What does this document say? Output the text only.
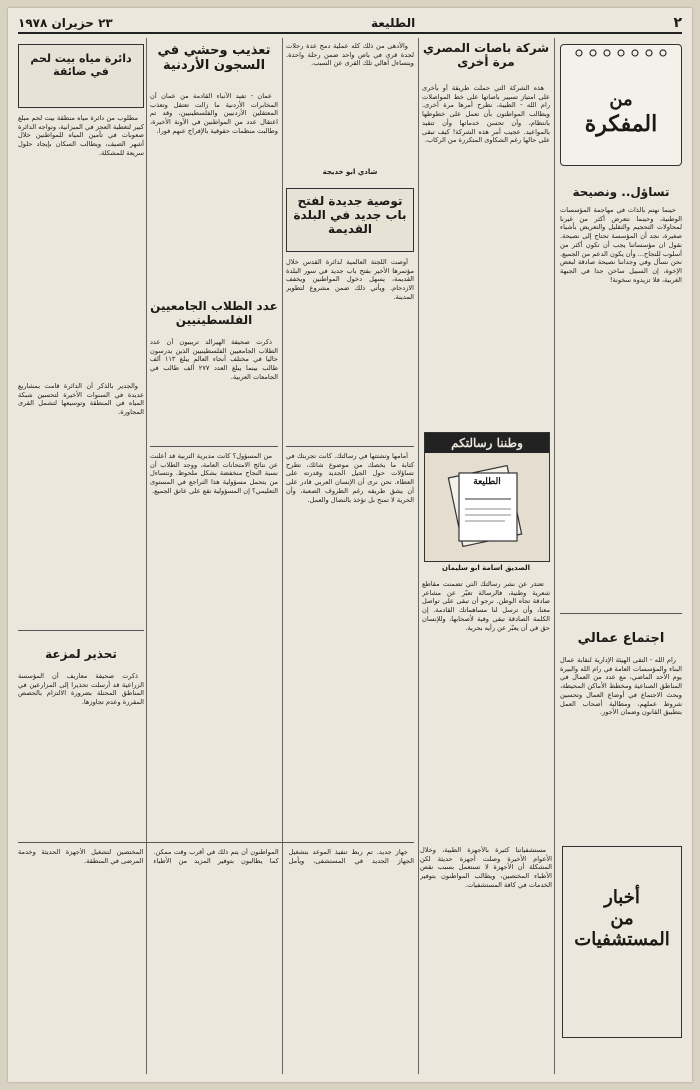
٢
الطليعة
٢٣ حزيران ١٩٧٨
من
المفكرة
تساؤل.. ونصيحة

حينما نهتم بالذات في مهاجمة المؤسسات الوطنية، وحينما نتعرض أكثر من غيرنا لمحاولات التحجيم والتقليل والتعريض بأشياء صغيرة، نجد أن المؤسسة تحتاج إلى نصيحة. نقول ان مؤسساتنا يجب أن تكون أكثر من أسلوب للنجاح... وأن يكون الدعم من الجميع. نحن نسأل وفي وجداننا نصيحة صادقة لبعض الإخوة، إن السبيل ساخن جدا في الجبهة الغربية، فلا تزيدوه سخونة!

اجتماع عمالي

رام الله - التقى الهيئة الإدارية لنقابة عمال البناء والمؤسسات العامة في رام الله والبيرة يوم الأحد الماضي، مع عدد من العمال في المناطق الصناعية ومخطط الأماكن المحيطة، وبحث الاجتماع في أوضاع العمال وتحسين شروط عملهم، ومطالبة أصحاب العمل بتطبيق القانون وضمان الأجور.

أخبار
من
المستشفيات

مستشفياتنا كثيرة بالأجهزة الطبية، وخلال الأعوام الأخيرة وصلت أجهزة حديثة لكن المشكلة أن الأجهزة لا تستعمل بسبب نقص الأطباء المختصين، ويطالب المواطنون بتوفير الخدمات في كافة المستشفيات.

شركة باصات المصري مرة أخرى

هذه الشركة التي حملت طريقة أو بأخرى على امتياز تسيير باصاتها على خط المواصلات رام الله - الطيبة، نطرح أمرها مرة أخرى. ويطالب المواطنون بأن تعمل على خطوطها بانتظام، وأن تحسن خدماتها وأن تتقيد بالمواعيد. عجيب أمر هذه الشركة! كيف تبقى على حالها رغم الشكاوى المتكررة من الركاب.

وطننا رسالتكم
الطليعة
الصديق اسامة ابو سليمان

تعتذر عن نشر رسالتك التي تضمنت مقاطع شعرية وطنية، فالرسالة تعبّر عن مشاعر صادقة تجاه الوطن. نرجو أن تبقى على تواصل معنا، وأن ترسل لنا مساهماتك القادمة. إن الكلمة الصادقة تبقى وفية لأصحابها، وللإنسان حق في أن يعبّر عن رأيه بحرية.

والأدهى من ذلك كله عملية دمج عدة رحلات لجدة قرى في باص واحد ضمن رحلة واحدة. ويتساءل أهالي تلك القرى عن السبب.

شادي ابو خديجة
توصية جديدة لفتح باب جديد في البلدة القديمة

أوصت اللجنة العالمية لدائرة القدس خلال مؤتمرها الأخير بفتح باب جديد في سور البلدة القديمة، يسهل دخول المواطنين ويخفف الازدحام. ويأتي ذلك ضمن مشروع لتطوير المدينة.

أمامها وتشتتها في رسالتك. كانت تجربتك في كتابة ما يخصك من موضوع شائك، تطرح تساؤلات حول الجيل الجديد وقدرته على العطاء. نحن نرى أن الإنسان العربي قادر على أن يشق طريقه رغم الظروف الصعبة، وأن الحرية لا تمنح بل تؤخذ بالنضال والعمل.

تعذيب وحشي في السجون الأردنية

عمان - تفيد الأنباء القادمة من عمان أن المخابرات الأردنية ما زالت تعتقل وتعذب المعتقلين الأردنيين والفلسطينيين، وقد تم اعتقال عدد من المواطنين في الآونة الأخيرة، وطالبت منظمات حقوقية بالإفراج عنهم فورا.

عدد الطلاب الجامعيين الفلسطينيين

ذكرت صحيفة الهيرالد تريبيون أن عدد الطلاب الجامعيين الفلسطينيين الذين يدرسون حاليا في مختلف أنحاء العالم يبلغ ١١٣ ألف طالب بينما يبلغ العدد ٢٧٧ ألف طالب في الجامعات العربية.

من المسؤول؟ كانت مديرية التربية قد أعلنت عن نتائج الامتحانات العامة، ووجد الطلاب أن نسبة النجاح منخفضة بشكل ملحوظ. ونتساءل من يتحمل مسؤولية هذا التراجع في المستوى التعليمي؟ إن المسؤولية تقع على عاتق الجميع.

دائرة مياه بيت لحم في ضائقة

مطلوب من دائرة مياه منطقة بيت لحم مبلغ كبير لتغطية العجز في الميزانية، وتواجه الدائرة صعوبات في تأمين المياه للمواطنين خلال أشهر الصيف، ويطالب السكان بإيجاد حلول سريعة للمشكلة.

والجدير بالذكر أن الدائرة قامت بمشاريع عديدة في السنوات الأخيرة لتحسين شبكة المياه في المنطقة وتوسيعها لتشمل القرى المجاورة.

تحذير لمزعة

ذكرت صحيفة معاريف أن المؤسسة الزراعية قد أرسلت تحذيرا إلى المزارعين في المناطق المحتلة بضرورة الالتزام بالحصص المقررة وعدم تجاوزها.

جهاز جديد. تم ربط تنفيذ الموعد بتشغيل الجهاز الجديد في المستشفى، ويأمل المواطنون أن يتم ذلك في أقرب وقت ممكن. كما يطالبون بتوفير المزيد من الأطباء المختصين لتشغيل الأجهزة الحديثة وخدمة المرضى في المنطقة.
